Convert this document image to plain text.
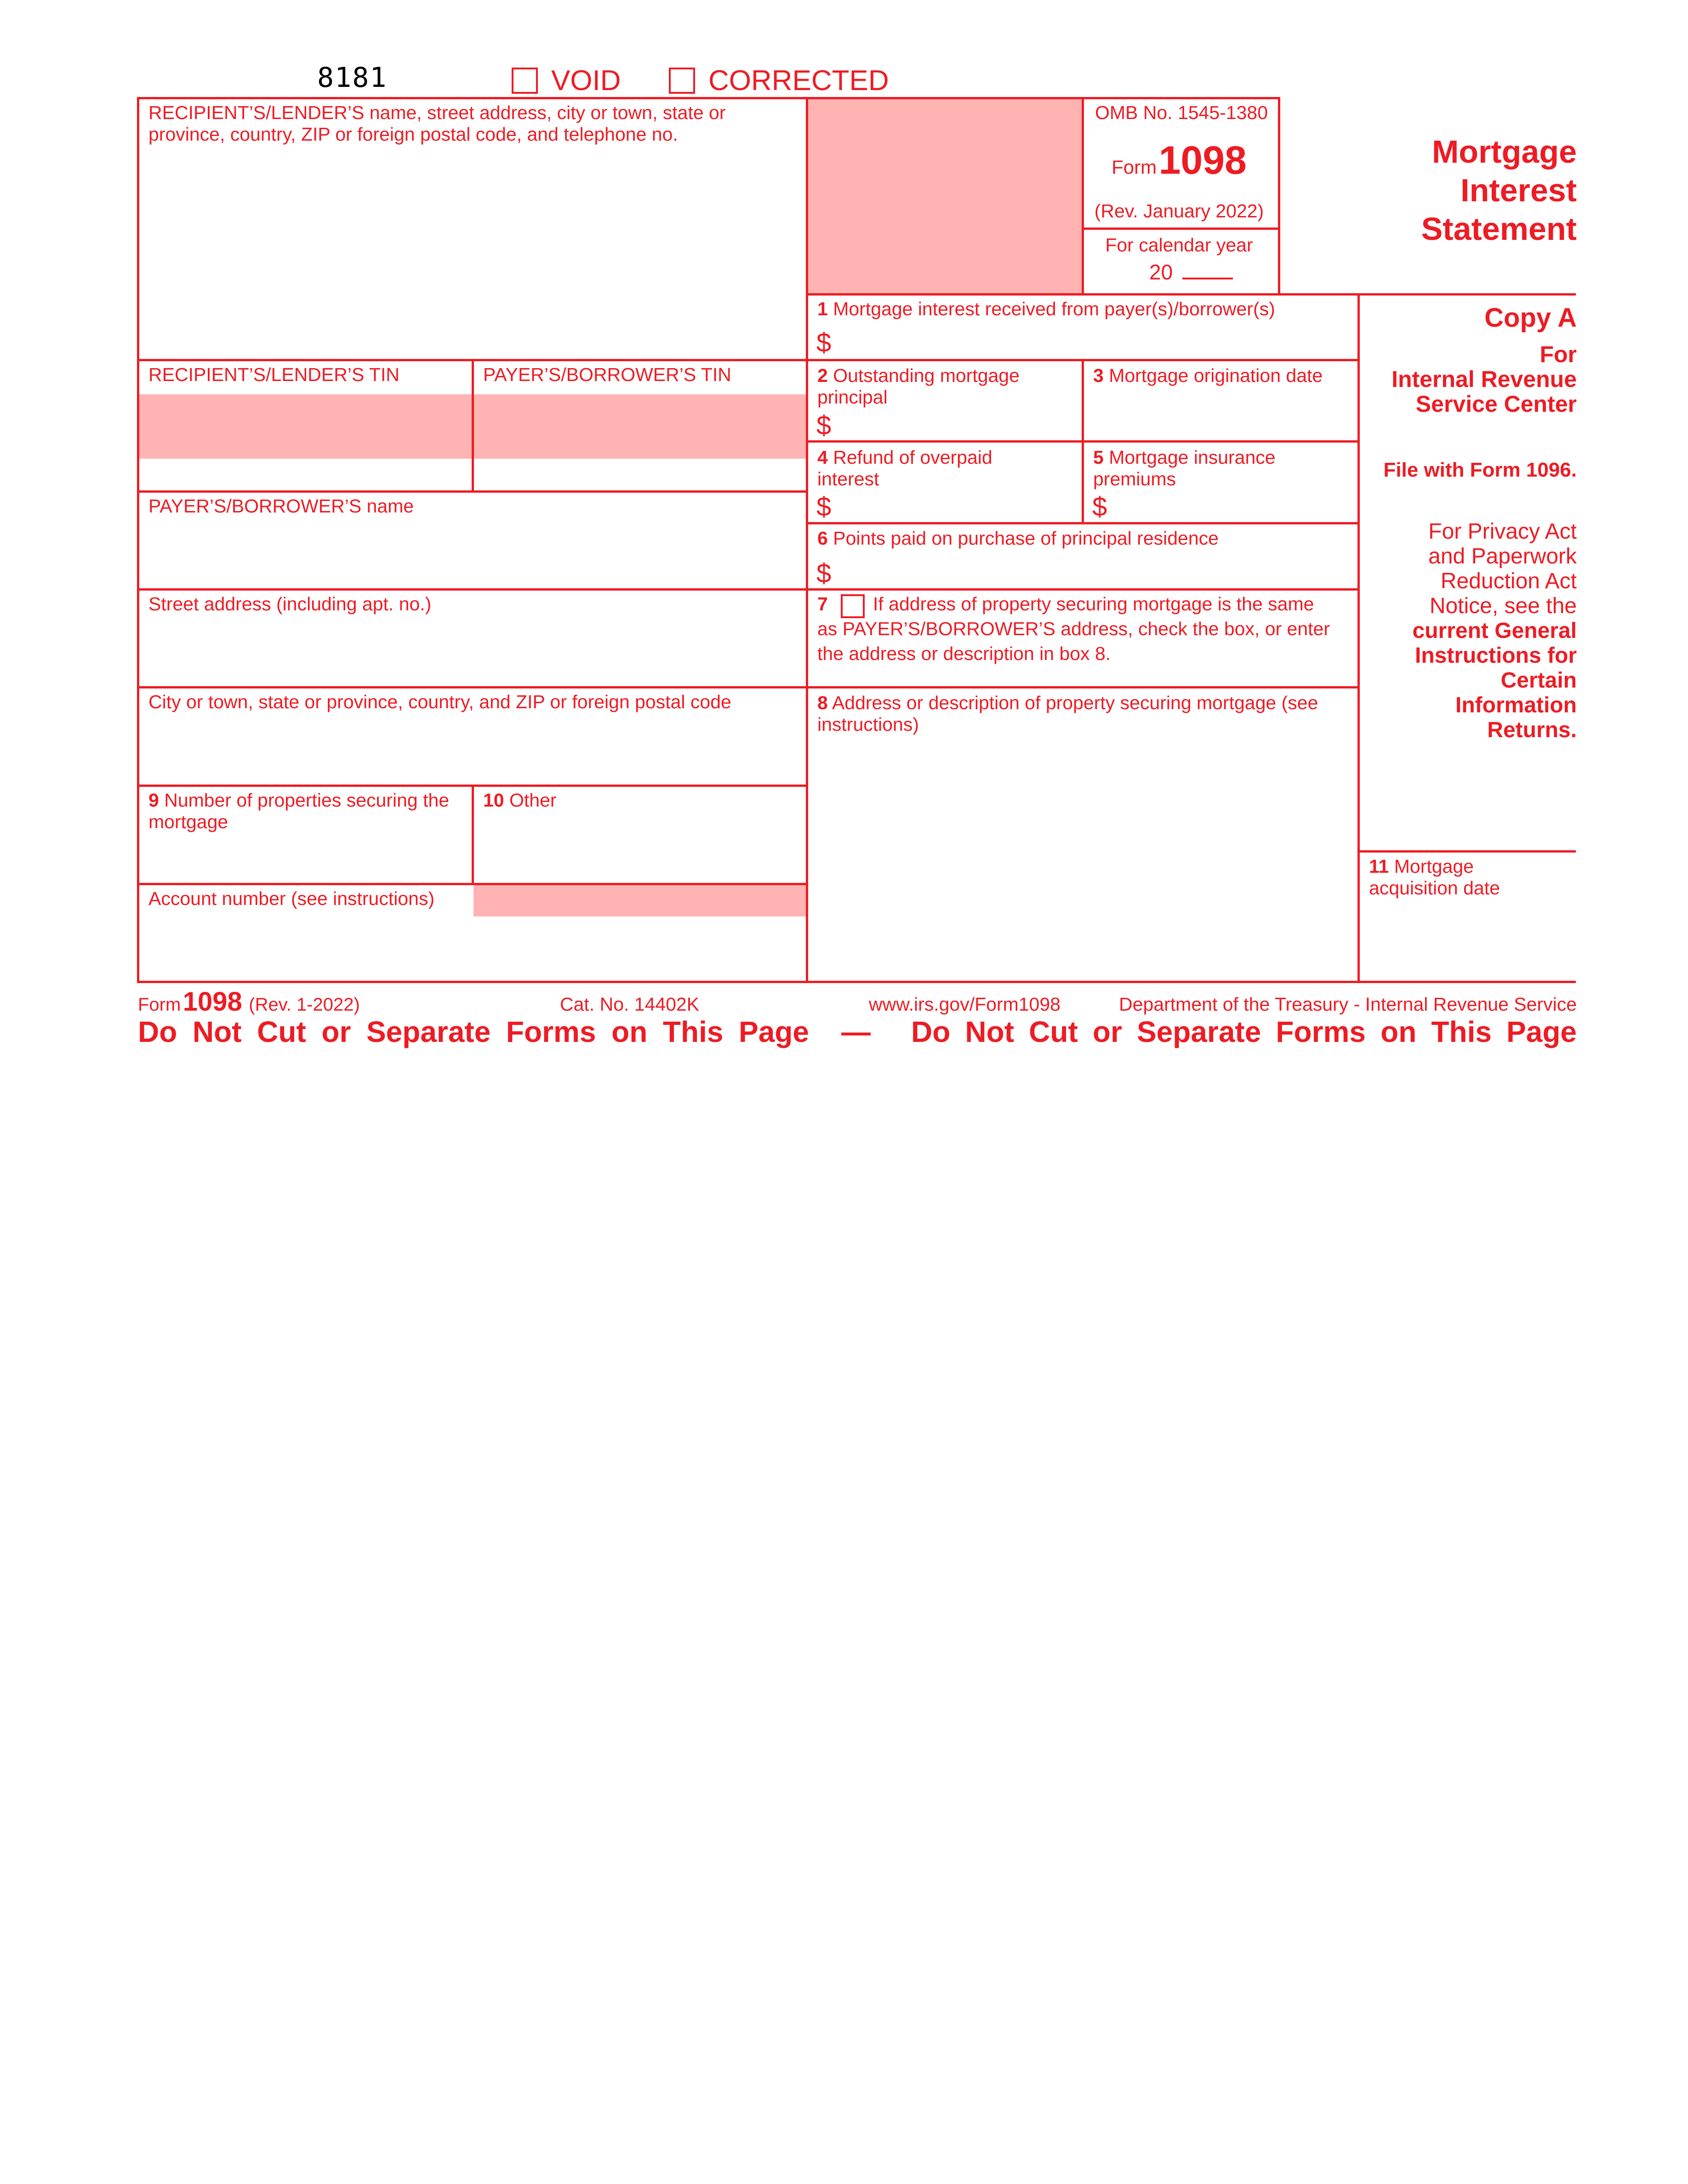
8181	VOID	CORRECTED
RECIPIENT’S/LENDER’S name, street address, city or town, state or
province, country, ZIP or foreign postal code, and telephone no.
RECIPIENT’S/LENDER’S TIN	PAYER’S/BORROWER’S TIN
PAYER’S/BORROWER’S name
Street address (including apt. no.)
City or town, state or province, country, and ZIP or foreign postal code
9 Number of properties securing the
mortgage
10 Other
Account number (see instructions)
OMB No. 1545-1380
Form 1098
(Rev. January 2022)
For calendar year
20
Mortgage
Interest
Statement
1 Mortgage interest received from payer(s)/borrower(s)
$
2 Outstanding mortgage
principal
$
3 Mortgage origination date
4 Refund of overpaid
interest
$
5 Mortgage insurance
premiums
$
6 Points paid on purchase of principal residence
$
7 If address of property securing mortgage is the same
as PAYER’S/BORROWER’S address, check the box, or enter
the address or description in box 8.
8 Address or description of property securing mortgage (see
instructions)
11 Mortgage
acquisition date
Copy A
For
Internal Revenue
Service Center
File with Form 1096.
For Privacy Act
and Paperwork
Reduction Act
Notice, see the
current General
Instructions for
Certain
Information
Returns.
Form 1098 (Rev. 1-2022)	Cat. No. 14402K	www.irs.gov/Form1098	Department of the Treasury - Internal Revenue Service
Do Not Cut or Separate Forms on This Page — Do Not Cut or Separate Forms on This Page
